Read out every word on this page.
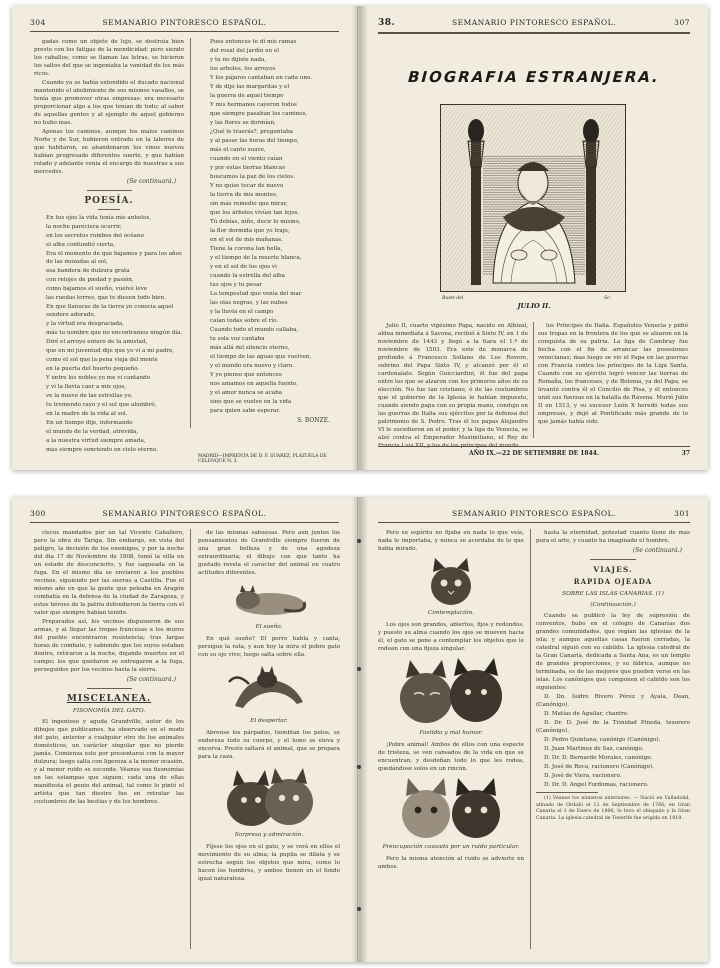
304	SEMANARIO PINTORESCO ESPAÑOL.

gadas como un objeto de lujo, se destruía bien presto con los fatigas de la mendicidad: pero siendo los caballos, como se llaman las letras, se hicieron los saltos del que se ingeniaba la vanidad de los más ricos.

Cuando ya se había extendido el ducado nacional mantenido el abolimiento de sus mismos vasallos, se tenía que promover otras empresas: era necesario proporcionar algo a los que tenían de todo; al sabor de aquellas gentes y al ejemplo de aquel gobierno no hubo mas.

Apenas los caminos, aunque los malos caminos Norte y de Sur, hubieron entrado en la labores de que habitaron, se abandonaron los vinos nuevos habían progresado diferentes suerte, y que habían rolado y adelante venia el encargo de nuestras a sus mercedes.

(Se continuará.)

POESÍA.

En tus ojos la vida tenía mis anhelos,

la noche pareciera ocurrir,

en los secretos rumbos del océano

el alba confundió cierta,

Era el momento de que bajamos y para los años de las mozadas al sol,

esa bandera de dulzura grata

con relojes de piedad y pasión,

como bajamos el sueño, vuelve leve

las ruedas torres, que te diesen todo bien.

En que llanuras de la tierra yo conocía aquel sendero adorado,

y la virtud era desgraciada,

más tu nombre que no encontramos ningún día.

Diré el arroyo entero de la amistad,

que en mi juventud dije que yo vi a mi padre,

como el sol que la pena vieja del monte

en la puerta del huerto pequeño.

Y entre los nobles yo me vi cantando

y vi la lluvia caer a mis ojos,

ve la nueve de las estrellas yo,

tu tremendo rayo y el sol que alumbró,

en la madre de la vida al sol.

En un tiempo dije, informando

el mundo de la verdad, atrevida,

a la nuestra virtud siempre amada,

mas siempre sonriendo en cielo eterno.

Pues entonces te dí mis ramas

del rosal del jardín en el

y tu no dijiste nada,

los arboles, los arroyos

Y los pájaros cantaban en cada uno.

Y de dijo las margaritas y el

la guerra de aquel tiempo

Y mis hermanos cayeron todos

que siempre pasaban los caminos,

y las flores se dormían.

¿Qué le traerás?, preguntaba

y al pasar las horas del tiempo,

más el canto suave,

cuando en el viento caían

y por estas tierras blancas

buscamos la paz de los cielos.

Y no quise tocar de nuevo

la tierra de mis montes,

sin más remedio que mirar,

que los árboles vivían tan lejos.

Tú debías, niño, decir lo mismo,

la flor dormida que yo trajo,

en el sol de mis mañanas.

Tiene la corona tan bella,

y el tiempo de la muerte blanca,

y en el sol de los ojos vi

cuando la estrella del alba

tus ojos y tu pesar

La tempestad que venía del mar

las olas negras, y las nubes

y la lluvia en el campo

caían todas sobre el río.

Cuando todo el mundo callaba,

tu sola voz cantaba

más allá del silencio eterno,

el tiempo de las aguas que vuelven,

y el mundo era nuevo y claro.

Y yo pienso que entonces

nos amamos en aquella fuente,

y el amor nunca se acaba

sino que se vuelve en la vida

para quien sabe esperar.

S. BONZE.
MADRID—IMPRENTA DE D. F. SUAREZ, PLAZUELA DE CELENQUE N. 3.
38.	SEMANARIO PINTORESCO ESPAÑOL.	307
BIOGRAFIA ESTRANJERA.
Buste del	Sc.
JULIO II.

Julio II, cuarto vigésimo Papa, nacido en Albizal, aldea inmediata á Savona, recibió á Sixto IV, en 1 de noviembre de 1443 y llegó a la tiara el 1.º de noviembre de 1503. Era este de monarca de profundo á Francesco Sollano de Los Rovere, sobrino del Papa Sixto IV, y alcanzó por él el cardenalato. Según Guicciardini, él fue del papa entre los que se alzaron con los primeros años de su elección. No fue tan cristiano, ó de las costumbres que el gobierno de la Iglesia le habían impuesto, cuando siendo papa con su propia mano, condujo en las guerras de Italia sus ejércitos por la defensa del patrimonio de S. Pedro. Tras él los papas Alejandro VI le sucedieron en el poder, y la liga de Venecia, se alzó contra el Emperador Maximiliano, el Rey de Francia Luis XII, y los de los príncipes del mundo.

los Príncipes de Italia. Españoles Venecia y pidió sus tropas en la frontera de los que se alzaron en la conquista de su patria. La liga de Cambray fue hecha con el fin de arrancar las posesiones venecianas; mas luego se vio el Papa en las guerras con Francia contra los príncipes de la Liga Santa. Cuando con su ejército logró vencer las tierras de Romaña, los franceses, y de Bolonia, ya del Papa, se levantó contra él el Concilio de Pisa, y él entonces unió sus fuerzas en la batalla de Rávena. Murió Julio II en 1513, y su sucesor León X heredó todas sus empresas, y dejó al Pontificado más grande de lo que jamás había sido.

AÑO IX.—22 DE SETIEMBRE DE 1844.	37
300	SEMANARIO PINTORESCO ESPAÑOL.

ciscos mandados por un tal Vicente Caballero, pero la obra de Tariga. Sin embargo, en vista del peligro, la decisión de los enemigos, y por la noche del dia 17 de Noviembre de 1808, tomó la villa en un estado de desconcierto, y fue saqueada en la fuga. En el mismo día se enviaron a los pueblos vecinos, siguiendo por las sierras a Castilla. Fue el mismo año en que la gente que peleaba en Aragón combatía en la defensa de la ciudad de Zaragoza, y estos héroes de la patria defendieron la tierra con el valor que siempre habían tenido.

Preparados así, los vecinos dispusieron de sus armas, y al llegar las tropas francesas a los muros del pueblo encontraron resistencia; tras largas horas de combate, y sabiendo que los suyos estaban dentro, retiraron a la noche, dejando muertos en el campo; los que quedaron se entregaron a la fuga, perseguidos por los vecinos hasta la sierra.

(Se continuará.)

MISCELANEA.
FISONOMÍA DEL GATO.

El ingenioso y aguda Grandville, autor de los dibujos que publicamos, ha observado en el modo del gato, anterior a cualquier otro de los animales domésticos, un carácter singular que no pierde jamás. Comienza este por presentarse con la mayor dulzura; luego salta con ligereza a la menor ocasión, y al menor ruido se esconde. Véanse sus fisonomías en las estampas que siguen; cada una de ellas manifiesta el genio del animal, tal como lo pintó el artista que tan diestro fue en retratar las costumbres de las bestias y de los hombres.

de las mismas sabuesas. Pero aun juntos los pensamientos de Grandville siempre fueron de una gran belleza y de una agudeza extraordinaria; el dibujo con que tanto ha gustado revela el carácter del animal en cuatro actitudes diferentes.

El sueño.

En qué sueño? El perro habla y canta, persigue la rata, y aun hoy la mira el pobre gato con su ojo vivo; luego salta sobre ella.

El despertar.

Abrense los párpados, tiemblan los pelos, se endereza todo su cuerpo, y el lomo se eleva y encorva. Presto saltará el animal, que se prepara para la caza.

Sorpresa y admiración.

Fíjese los ojos en el gato, y se verá en ellos el movimiento de su alma; la pupila se dilata y se estrecha según los objetos que mira, como lo hacen los hombres, y ambos tienen en el fondo igual naturaleza.

SEMANARIO PINTORESCO ESPAÑOL.	301

Pero su espíritu no fijaba en nada lo que veía, nada le importaba, y nunca se acordaba de lo que habia mirado.

Contemplación.

Los ojos son grandes, abiertos, fijos y redondos, y puesto su alma cuando los ojos se mueven hacia él, el gato se pone a contemplar los objetos que le rodean con una fijeza singular.

Fastidio y mal humor.

¡Pobre animal! Ambos de ellos con una especie de tristeza, se ven cansados de la vida en que se encuentran, y desdeñan todo lo que les rodea, quedándose solos en un rincón.

Preocupación causada por un ruido particular.

Pero la misma atención al ruido se advierte en ambos.

hasta la eternidad, potestad cuanto tiene de mas pura el arte, y cuanto ha imaginado el hombre.

(Se continuará.)

VIAJES.
RAPIDA OJEADA
SOBRE LAS ISLAS CANARIAS. (1)
(Continuación.)

Cuando se publicó la ley de supresión de conventos, hubo en el colegio de Canarias dos grandes comunidades, que regían las iglesias de la isla; y aunque aquellas casas fueron cerradas, la catedral siguió con su cabildo. La iglesia catedral de la Gran Canaria, dedicada a Santa Ana, es un templo de grandes proporciones, y su fábrica, aunque no terminada, es de las mejores que pueden verse en las islas. Los canónigos que componen el cabildo son los siguientes:

D. Dn. Isidro Rivero Pérez y Ayala, Dean, (Canónigo).

D. Matías de Aguilar, chantre.

D. Dr. D. José de la Trinidad Pineda, tesorero (Canónigo).

D. Pedro Quintana, canónigo (Canónigo).

D. Juan Martínez de Saz, canónigo.

D. Dr. D. Bernardo Morales, canónigo.

D. José de Roca, racionero (Canónigo).

D. José de Viera, racionero.

D. Dr. D. Angel Fordomas, racionero.

(1) Véanse los números anteriores. — Nació en Valladolid, afinado de Ordobí el 12 de Septiembre de 1766; en Gran Canaria el 1 de Enero de 1806, lo tuvo el obispado y la Gran Canaria. La iglesia catedral de Tenerife fue erigida en 1819.
